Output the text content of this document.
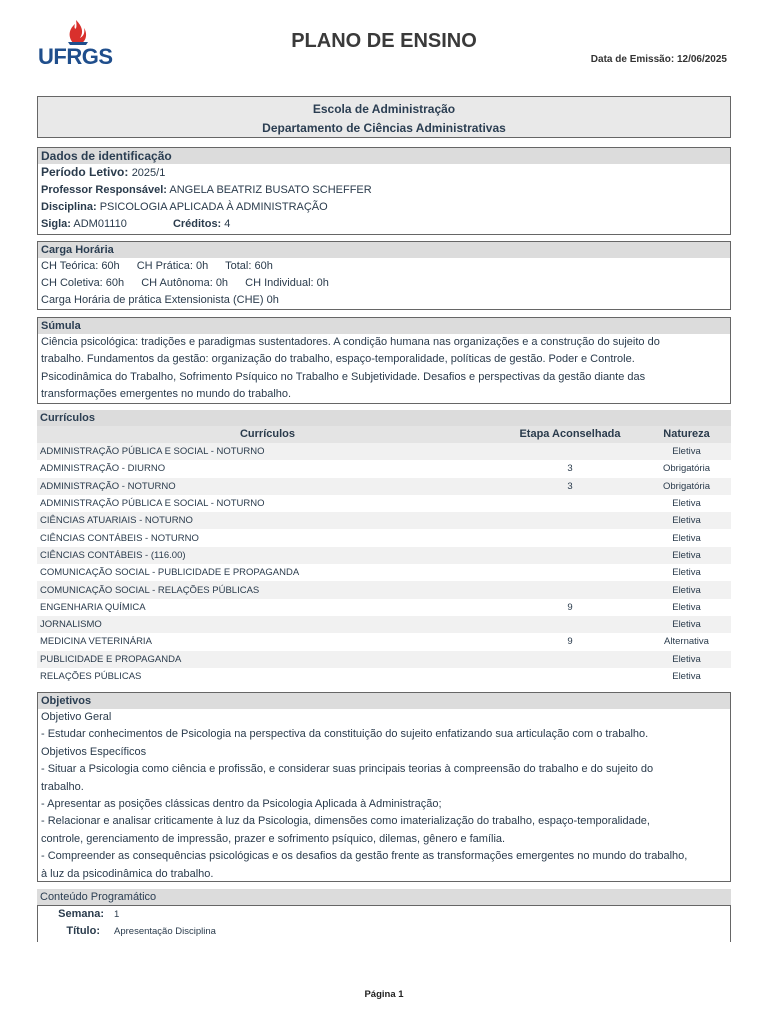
UFRGS
PLANO DE ENSINO
Data de Emissão: 12/06/2025
Escola de Administração
Departamento de Ciências Administrativas
Dados de identificação
Período Letivo: 2025/1
Professor Responsável: ANGELA BEATRIZ BUSATO SCHEFFER
Disciplina: PSICOLOGIA APLICADA À ADMINISTRAÇÃO
Sigla: ADM01110	Créditos: 4
Carga Horária
CH Teórica: 60h CH Prática: 0h Total: 60h
CH Coletiva: 60h CH Autônoma: 0h CH Individual: 0h
Carga Horária de prática Extensionista (CHE) 0h
Súmula
Ciência psicológica: tradições e paradigmas sustentadores. A condição humana nas organizações e a construção do sujeito do
trabalho. Fundamentos da gestão: organização do trabalho, espaço-temporalidade, políticas de gestão. Poder e Controle.
Psicodinâmica do Trabalho, Sofrimento Psíquico no Trabalho e Subjetividade. Desafios e perspectivas da gestão diante das
transformações emergentes no mundo do trabalho.
Currículos
Currículos	Etapa Aconselhada	Natureza
ADMINISTRAÇÃO PÚBLICA E SOCIAL - NOTURNO		Eletiva
ADMINISTRAÇÃO - DIURNO	3	Obrigatória
ADMINISTRAÇÃO - NOTURNO	3	Obrigatória
ADMINISTRAÇÃO PÚBLICA E SOCIAL - NOTURNO		Eletiva
CIÊNCIAS ATUARIAIS - NOTURNO		Eletiva
CIÊNCIAS CONTÁBEIS - NOTURNO		Eletiva
CIÊNCIAS CONTÁBEIS - (116.00)		Eletiva
COMUNICAÇÃO SOCIAL - PUBLICIDADE E PROPAGANDA		Eletiva
COMUNICAÇÃO SOCIAL - RELAÇÕES PÚBLICAS		Eletiva
ENGENHARIA QUÍMICA	9	Eletiva
JORNALISMO		Eletiva
MEDICINA VETERINÁRIA	9	Alternativa
PUBLICIDADE E PROPAGANDA		Eletiva
RELAÇÕES PÚBLICAS		Eletiva
Objetivos
Objetivo Geral
- Estudar conhecimentos de Psicologia na perspectiva da constituição do sujeito enfatizando sua articulação com o trabalho.
Objetivos Específicos
- Situar a Psicologia como ciência e profissão, e considerar suas principais teorias à compreensão do trabalho e do sujeito do
trabalho.
- Apresentar as posições clássicas dentro da Psicologia Aplicada à Administração;
- Relacionar e analisar criticamente à luz da Psicologia, dimensões como imaterialização do trabalho, espaço-temporalidade,
controle, gerenciamento de impressão, prazer e sofrimento psíquico, dilemas, gênero e família.
- Compreender as consequências psicológicas e os desafios da gestão frente as transformações emergentes no mundo do trabalho,
à luz da psicodinâmica do trabalho.
Conteúdo Programático
Semana:	1
Título:	Apresentação Disciplina
Página 1
